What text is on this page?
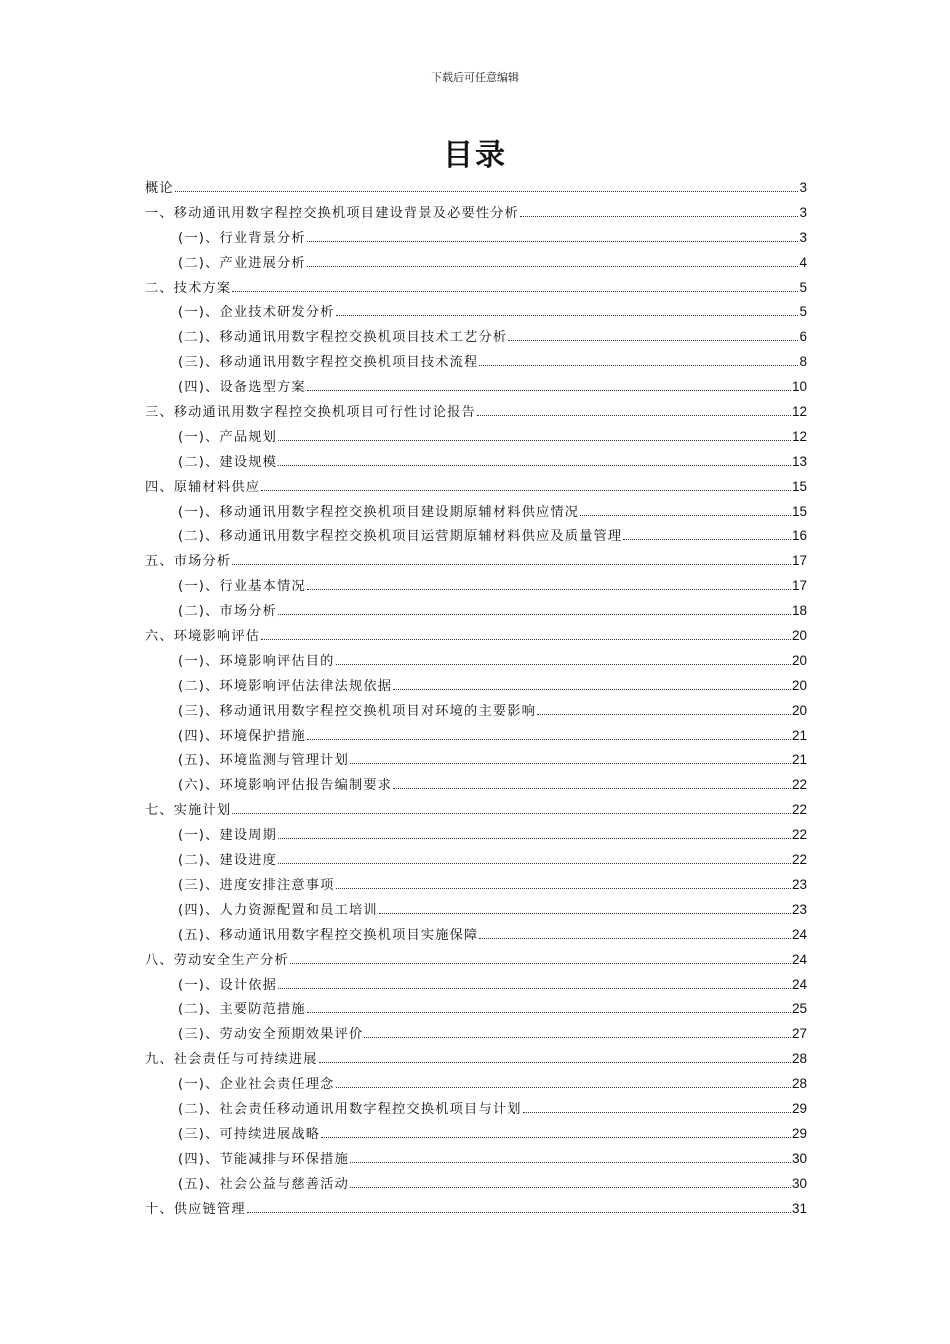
下载后可任意编辑
目录
概论	3
一、移动通讯用数字程控交换机项目建设背景及必要性分析	3
(一)、行业背景分析	3
(二)、产业进展分析	4
二、技术方案	5
(一)、企业技术研发分析	5
(二)、移动通讯用数字程控交换机项目技术工艺分析	6
(三)、移动通讯用数字程控交换机项目技术流程	8
(四)、设备选型方案	10
三、移动通讯用数字程控交换机项目可行性讨论报告	12
(一)、产品规划	12
(二)、建设规模	13
四、原辅材料供应	15
(一)、移动通讯用数字程控交换机项目建设期原辅材料供应情况	15
(二)、移动通讯用数字程控交换机项目运营期原辅材料供应及质量管理	16
五、市场分析	17
(一)、行业基本情况	17
(二)、市场分析	18
六、环境影响评估	20
(一)、环境影响评估目的	20
(二)、环境影响评估法律法规依据	20
(三)、移动通讯用数字程控交换机项目对环境的主要影响	20
(四)、环境保护措施	21
(五)、环境监测与管理计划	21
(六)、环境影响评估报告编制要求	22
七、实施计划	22
(一)、建设周期	22
(二)、建设进度	22
(三)、进度安排注意事项	23
(四)、人力资源配置和员工培训	23
(五)、移动通讯用数字程控交换机项目实施保障	24
八、劳动安全生产分析	24
(一)、设计依据	24
(二)、主要防范措施	25
(三)、劳动安全预期效果评价	27
九、社会责任与可持续进展	28
(一)、企业社会责任理念	28
(二)、社会责任移动通讯用数字程控交换机项目与计划	29
(三)、可持续进展战略	29
(四)、节能减排与环保措施	30
(五)、社会公益与慈善活动	30
十、供应链管理	31
